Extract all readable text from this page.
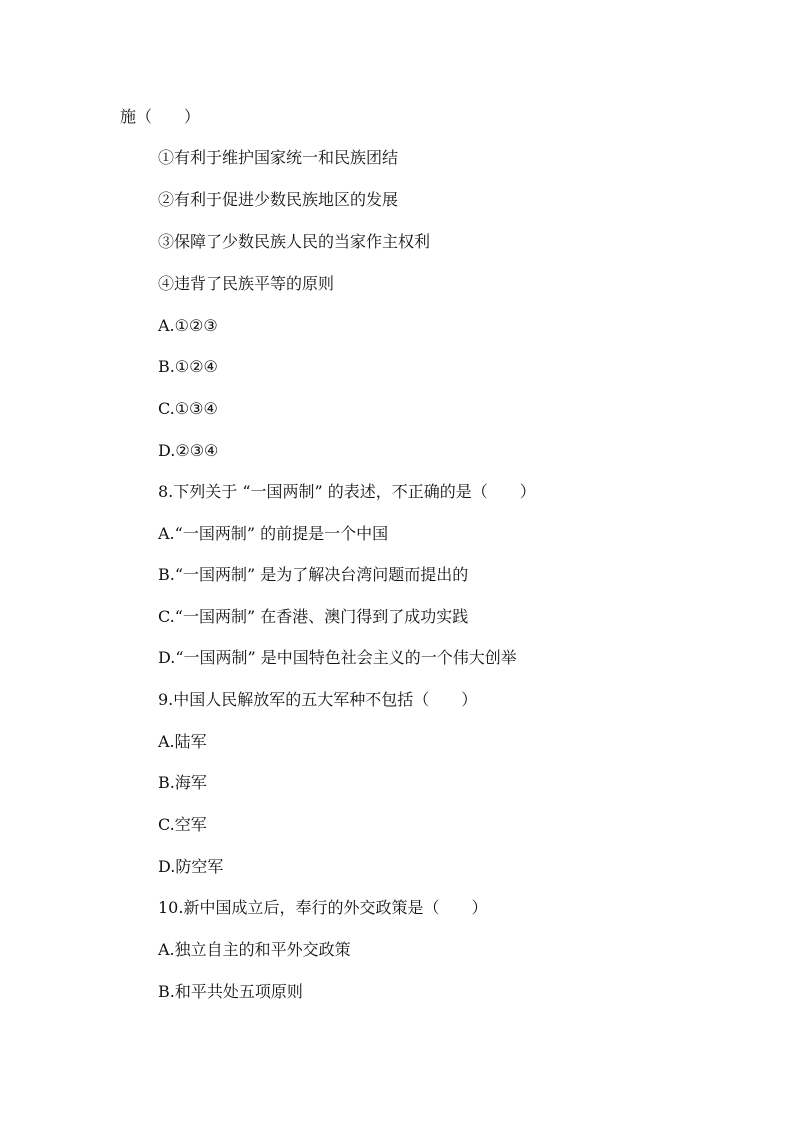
施（　　）
①有利于维护国家统一和民族团结
②有利于促进少数民族地区的发展
③保障了少数民族人民的当家作主权利
④违背了民族平等的原则
A.①②③
B.①②④
C.①③④
D.②③④
8.下列关于 “一国两制” 的表述，不正确的是（　　）
A.“一国两制” 的前提是一个中国
B.“一国两制” 是为了解决台湾问题而提出的
C.“一国两制” 在香港、澳门得到了成功实践
D.“一国两制” 是中国特色社会主义的一个伟大创举
9.中国人民解放军的五大军种不包括（　　）
A.陆军
B.海军
C.空军
D.防空军
10.新中国成立后，奉行的外交政策是（　　）
A.独立自主的和平外交政策
B.和平共处五项原则
